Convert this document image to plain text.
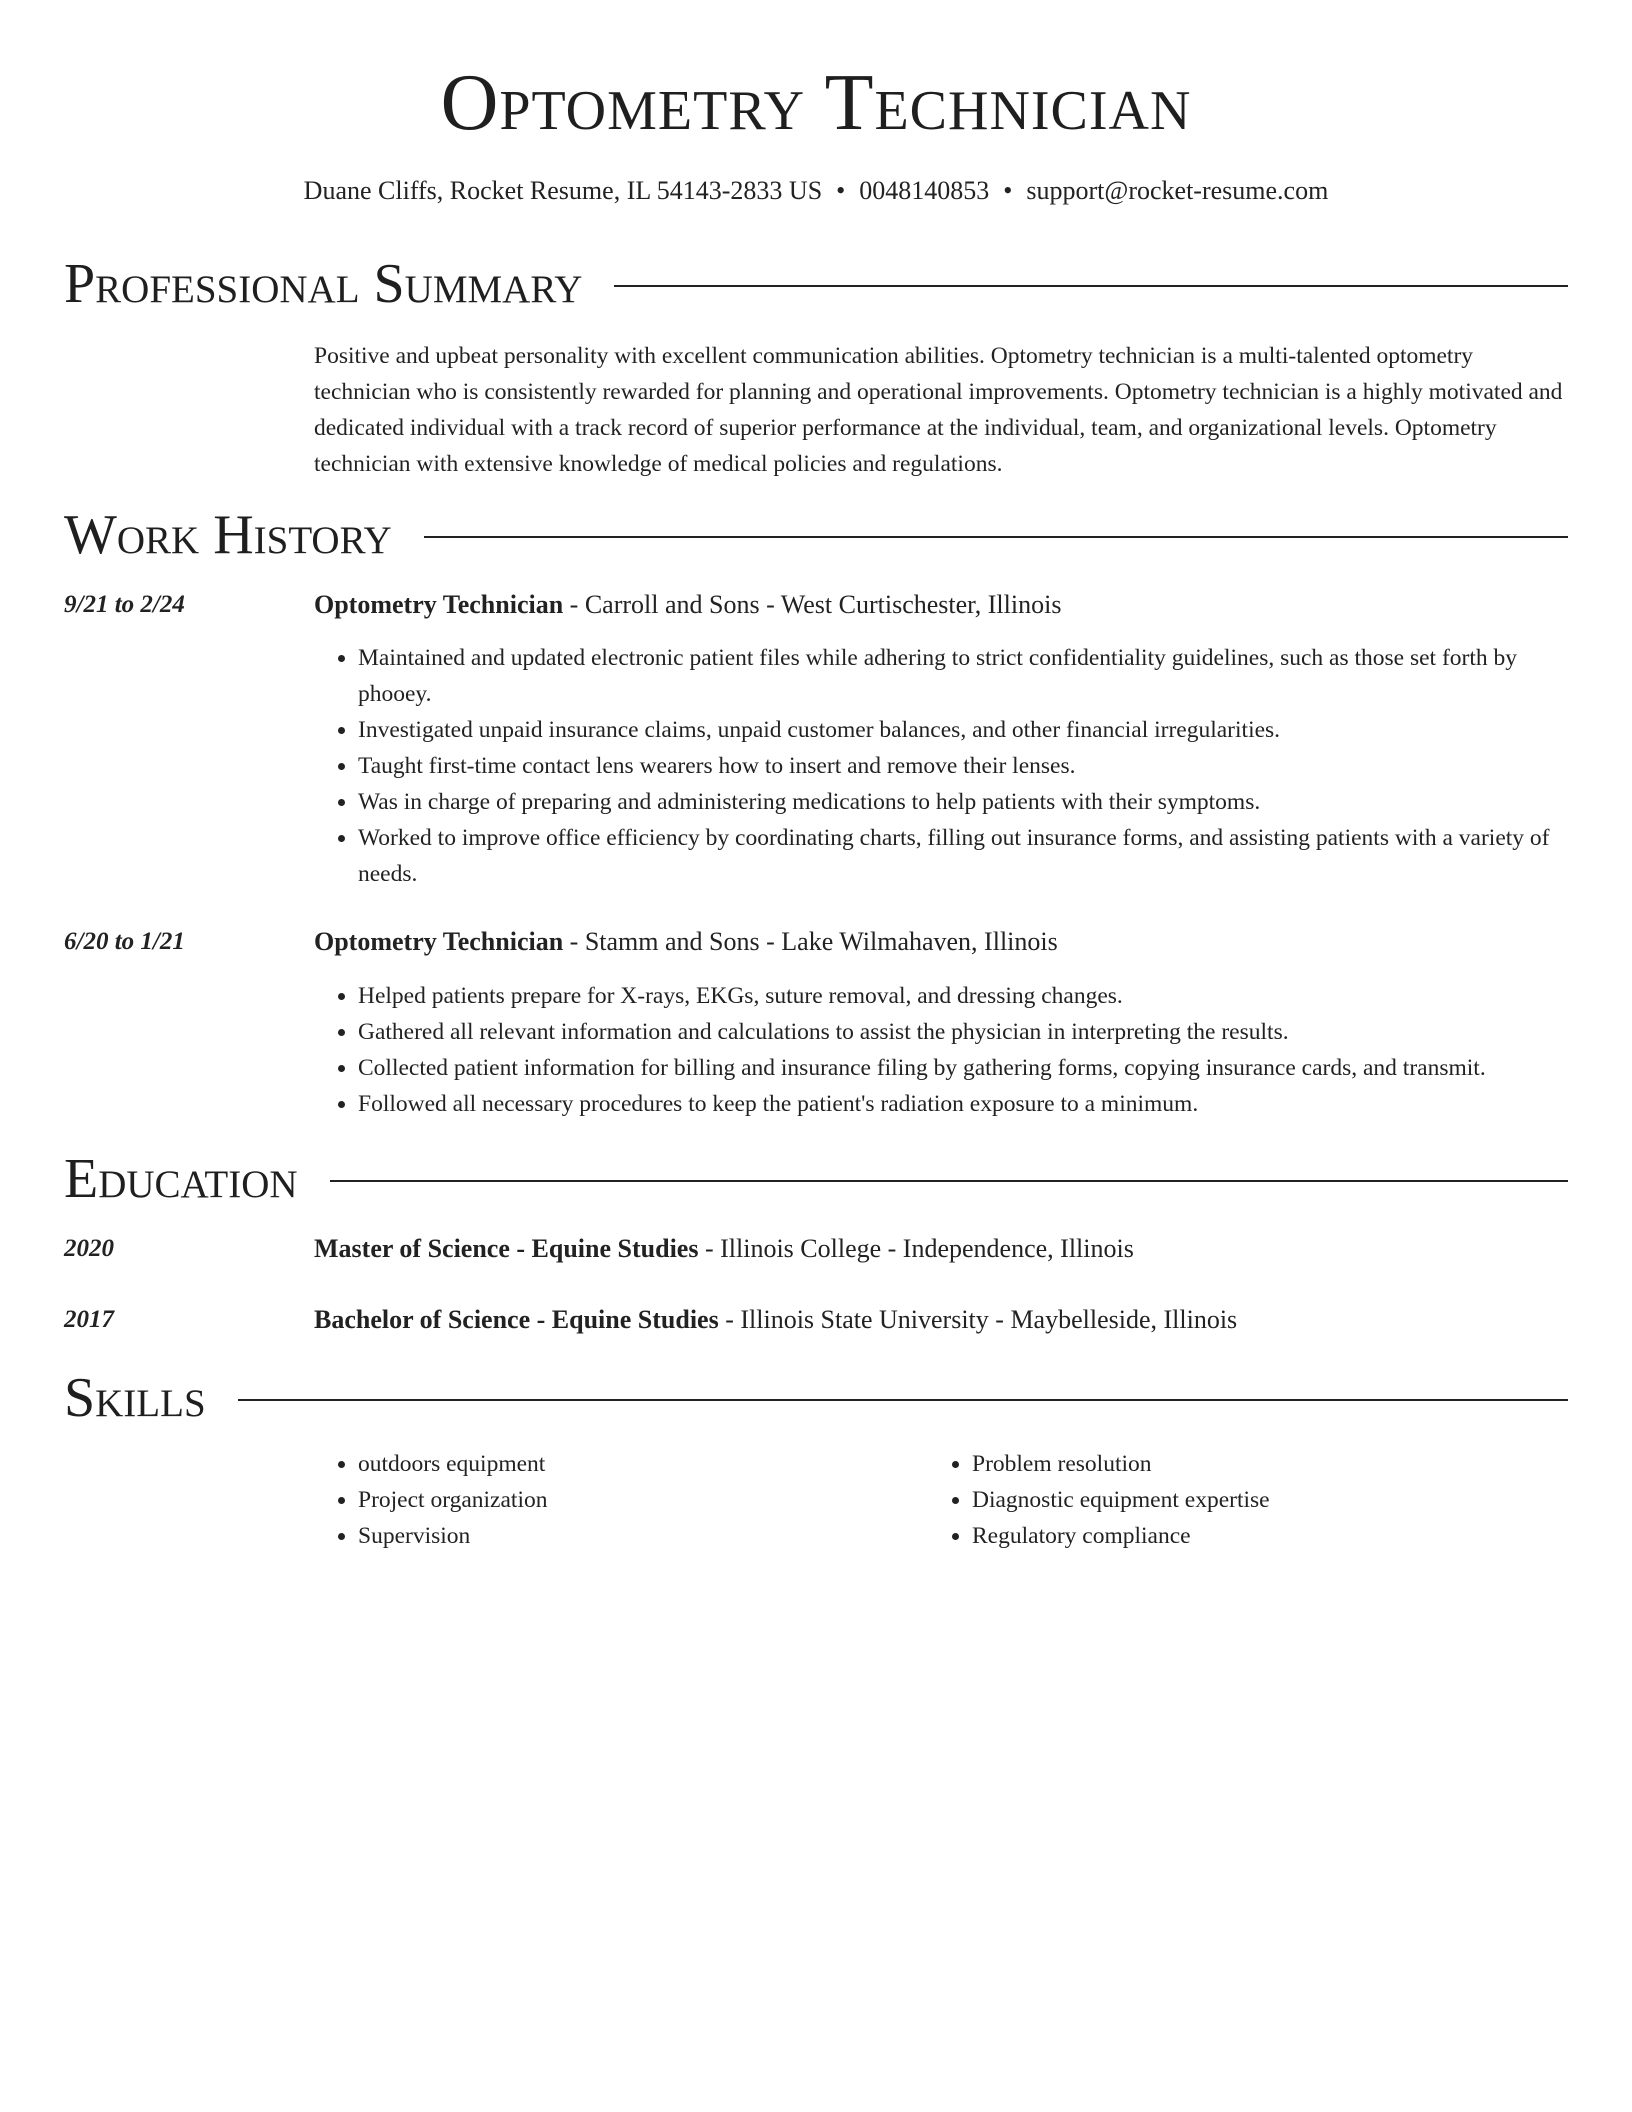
Optometry Technician
Duane Cliffs, Rocket Resume, IL 54143-2833 US • 0048140853 • support@rocket-resume.com
Professional Summary
Positive and upbeat personality with excellent communication abilities. Optometry technician is a multi-talented optometry technician who is consistently rewarded for planning and operational improvements. Optometry technician is a highly motivated and dedicated individual with a track record of superior performance at the individual, team, and organizational levels. Optometry technician with extensive knowledge of medical policies and regulations.
Work History
9/21 to 2/24	Optometry Technician - Carroll and Sons - West Curtischester, Illinois
• Maintained and updated electronic patient files while adhering to strict confidentiality guidelines, such as those set forth by phooey.
• Investigated unpaid insurance claims, unpaid customer balances, and other financial irregularities.
• Taught first-time contact lens wearers how to insert and remove their lenses.
• Was in charge of preparing and administering medications to help patients with their symptoms.
• Worked to improve office efficiency by coordinating charts, filling out insurance forms, and assisting patients with a variety of needs.
6/20 to 1/21	Optometry Technician - Stamm and Sons - Lake Wilmahaven, Illinois
• Helped patients prepare for X-rays, EKGs, suture removal, and dressing changes.
• Gathered all relevant information and calculations to assist the physician in interpreting the results.
• Collected patient information for billing and insurance filing by gathering forms, copying insurance cards, and transmit.
• Followed all necessary procedures to keep the patient's radiation exposure to a minimum.
Education
2020	Master of Science - Equine Studies - Illinois College - Independence, Illinois
2017	Bachelor of Science - Equine Studies - Illinois State University - Maybelleside, Illinois
Skills
• outdoors equipment
• Project organization
• Supervision
• Problem resolution
• Diagnostic equipment expertise
• Regulatory compliance
